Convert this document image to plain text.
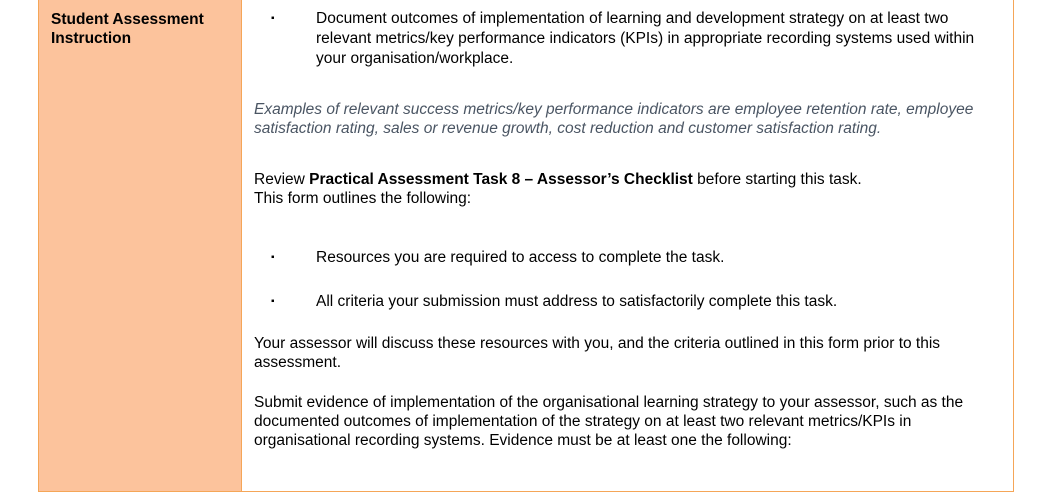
Student Assessment
Instruction
▪	Document outcomes of implementation of learning and development strategy on at least two relevant metrics/key performance indicators (KPIs) in appropriate recording systems used within your organisation/workplace.
Examples of relevant success metrics/key performance indicators are employee retention rate, employee satisfaction rating, sales or revenue growth, cost reduction and customer satisfaction rating.
Review Practical Assessment Task 8 – Assessor’s Checklist before starting this task.
This form outlines the following:
▪	Resources you are required to access to complete the task.
▪	All criteria your submission must address to satisfactorily complete this task.
Your assessor will discuss these resources with you, and the criteria outlined in this form prior to this assessment.
Submit evidence of implementation of the organisational learning strategy to your assessor, such as the documented outcomes of implementation of the strategy on at least two relevant metrics/KPIs in organisational recording systems. Evidence must be at least one the following:
